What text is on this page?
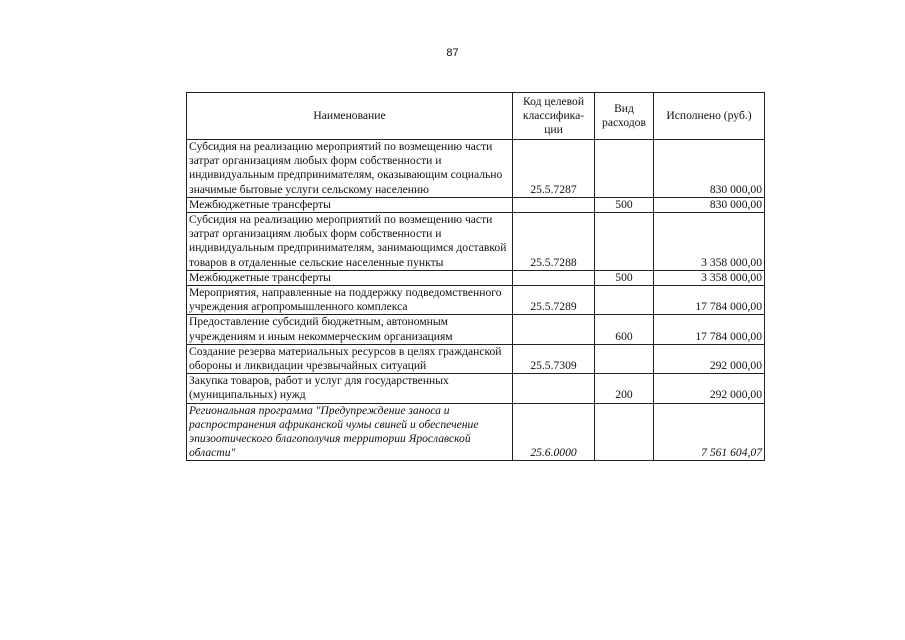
87
Наименование	Код целевой классифика-ции	Вид расходов	Исполнено (руб.)
Субсидия на реализацию мероприятий по возмещению части затрат организациям любых форм собственности и индивидуальным предпринимателям, оказывающим социально значимые бытовые услуги сельскому населению	25.5.7287		830 000,00
Межбюджетные трансферты		500	830 000,00
Субсидия на реализацию мероприятий по возмещению части затрат организациям любых форм собственности и индивидуальным предпринимателям, занимающимся доставкой товаров в отдаленные сельские населенные пункты	25.5.7288		3 358 000,00
Межбюджетные трансферты		500	3 358 000,00
Мероприятия, направленные на поддержку подведомственного учреждения агропромышленного комплекса	25.5.7289		17 784 000,00
Предоставление субсидий бюджетным, автономным учреждениям и иным некоммерческим организациям		600	17 784 000,00
Создание резерва материальных ресурсов в целях гражданской обороны и ликвидации чрезвычайных ситуаций	25.5.7309		292 000,00
Закупка товаров, работ и услуг для государственных (муниципальных) нужд		200	292 000,00
Региональная программа "Предупреждение заноса и распространения африканской чумы свиней и обеспечение эпизоотического благополучия территории Ярославской области"	25.6.0000		7 561 604,07
